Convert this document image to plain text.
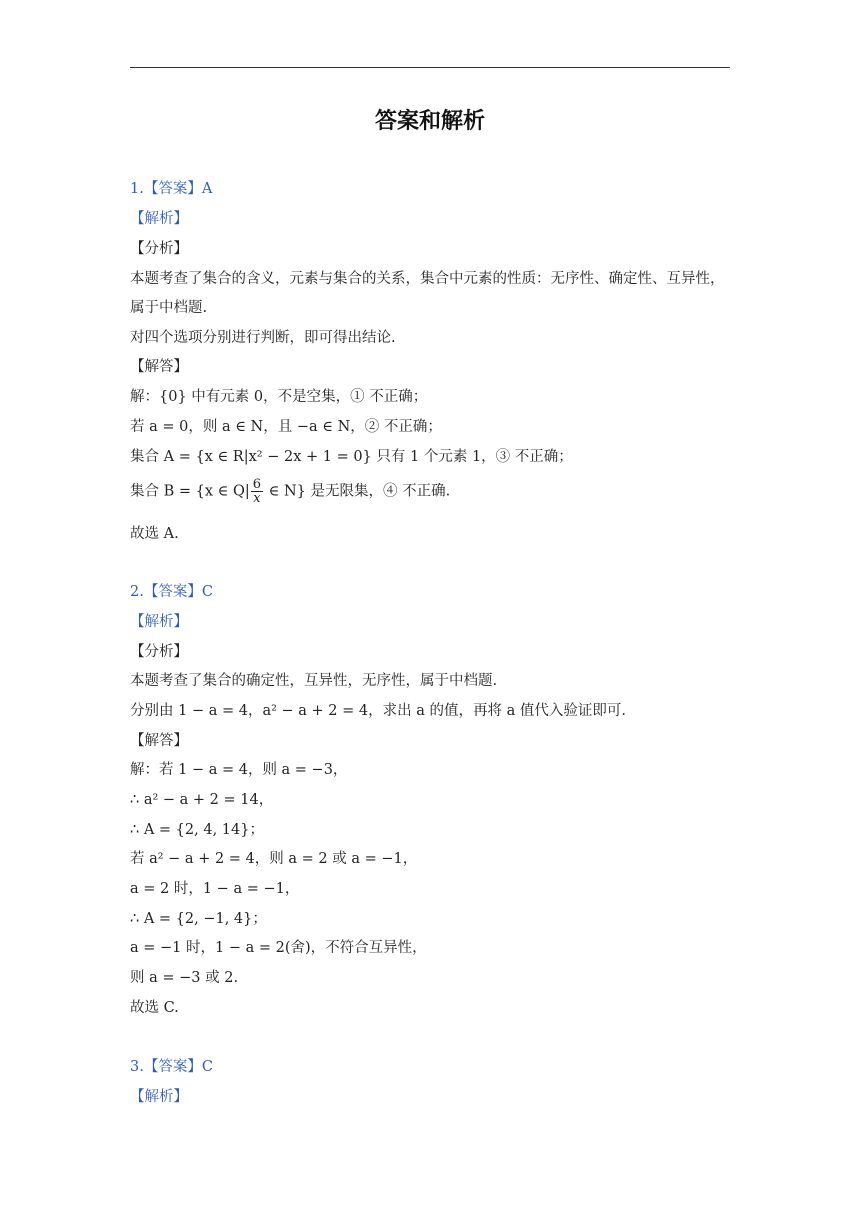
答案和解析
1.【答案】A
【解析】
【分析】
本题考查了集合的含义，元素与集合的关系，集合中元素的性质：无序性、确定性、互异性，
属于中档题.
对四个选项分别进行判断，即可得出结论.
【解答】
解：{0} 中有元素 0，不是空集，① 不正确；
若 a = 0，则 a ∈ N，且 −a ∈ N，② 不正确；
集合 A = {x ∈ R|x² − 2x + 1 = 0} 只有 1 个元素 1，③ 不正确；
集合 B = {x ∈ $Q| \frac{6}{x}$ ∈ N} 是无限集，④ 不正确.
故选 A.
2.【答案】C
【解析】
【分析】
本题考查了集合的确定性，互异性，无序性，属于中档题.
分别由 1 − a = 4，a² − a + 2 = 4，求出 a 的值，再将 a 值代入验证即可.
【解答】
解：若 1 − a = 4，则 a = −3，
∴ a² − a + 2 = 14，
∴ A = {2, 4, 14}；
若 a² − a + 2 = 4，则 a = 2 或 a = −1，
a = 2 时，1 − a = −1，
∴ A = {2, −1, 4}；
a = −1 时，1 − a = 2(舍)，不符合互异性，
则 a = −3 或 2.
故选 C.
3.【答案】C
【解析】
